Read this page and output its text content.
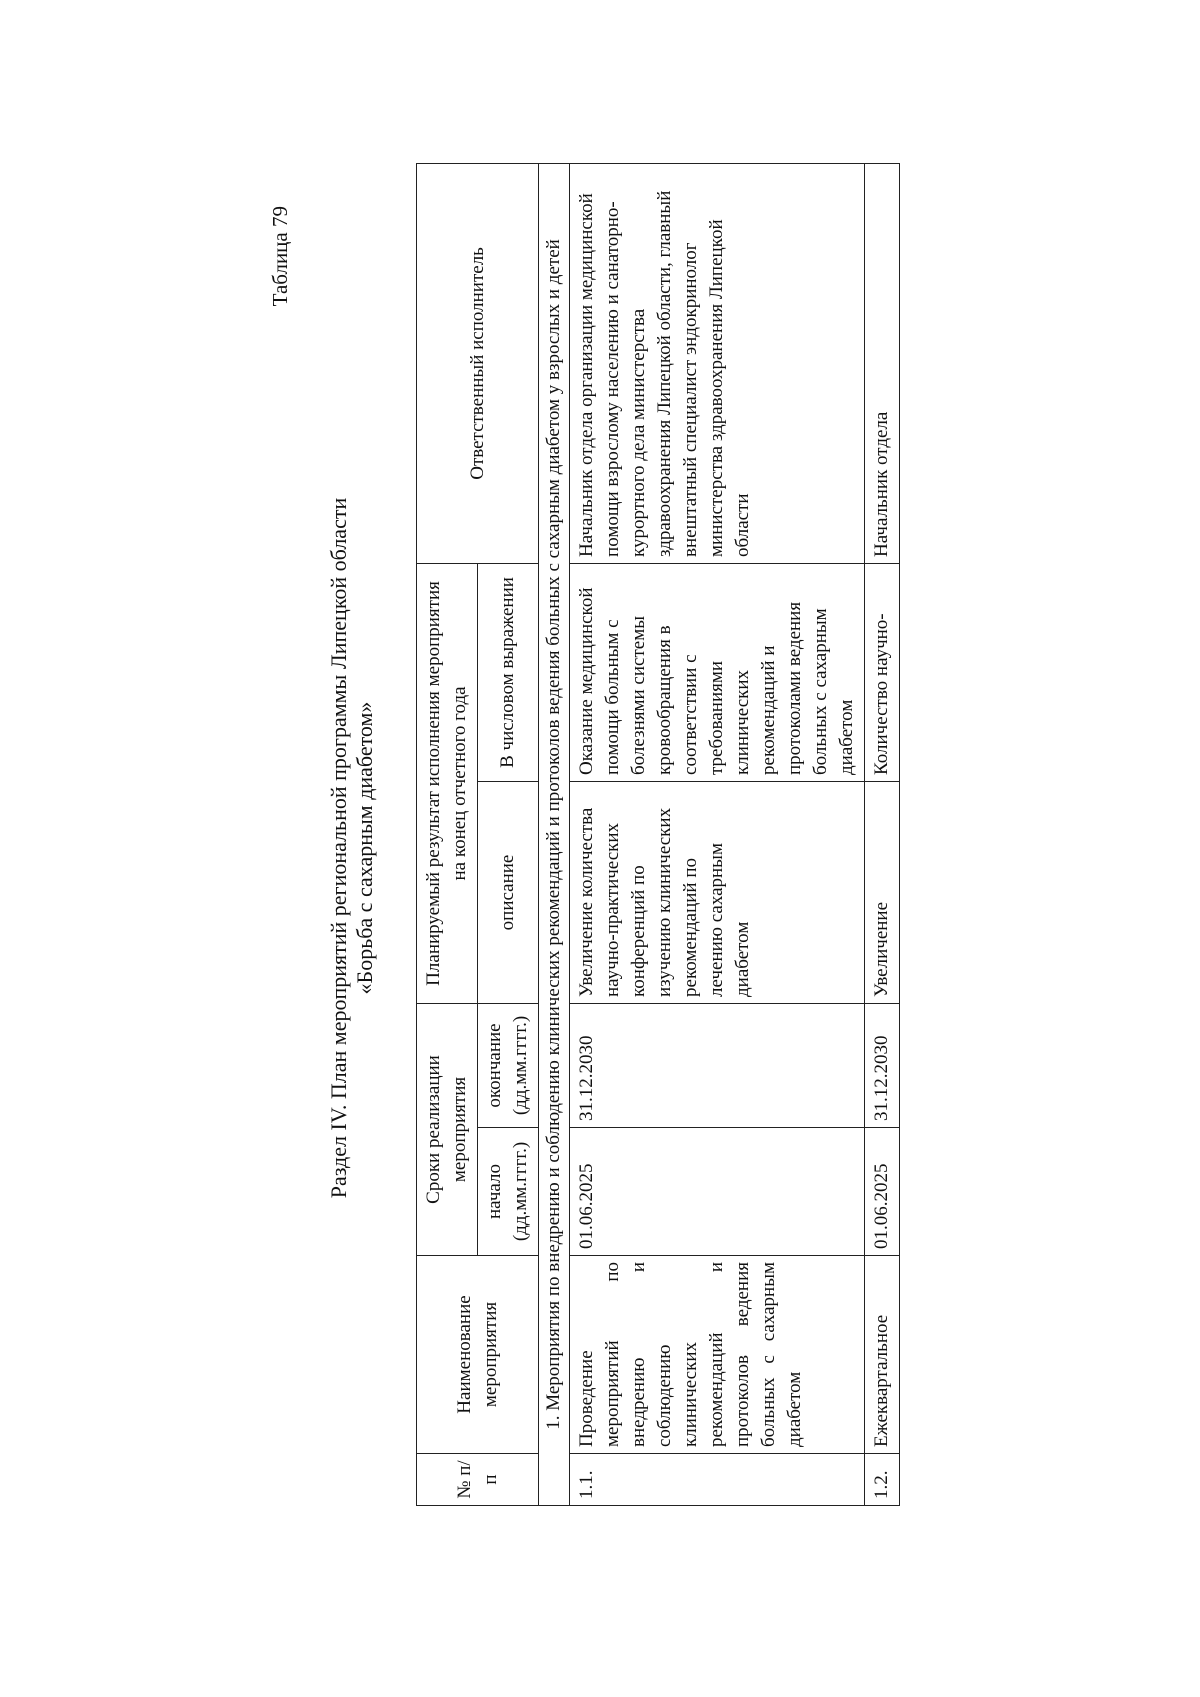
Таблица 79
Раздел IV. План мероприятий региональной программы Липецкой области «Борьба с сахарным диабетом»
№ п/п	Наименование мероприятия	Сроки реализации мероприятия		Планируемый результат исполнения мероприятия на конец отчетного года		Ответственный исполнитель
		начало (дд.мм.гггг.)	окончание (дд.мм.гггг.)	описание	В числовом выражении	
1. Мероприятия по внедрению и соблюдению клинических рекомендаций и протоколов ведения больных с сахарным диабетом у взрослых и детей						
1.1.	Проведение мероприятий по внедрению и соблюдению клинических рекомендаций и протоколов ведения больных с сахарным диабетом	01.06.2025	31.12.2030	Увеличение количества научно-практических конференций по изучению клинических рекомендаций по лечению сахарным диабетом	Оказание медицинской помощи больным с болезнями системы кровообращения в соответствии с требованиями клинических рекомендаций и протоколами ведения больных с сахарным диабетом	Начальник отдела организации медицинской помощи взрослому населению и санаторно-курортного дела министерства здравоохранения Липецкой области, главный внештатный специалист эндокринолог министерства здравоохранения Липецкой области
1.2.	Ежеквартальное	01.06.2025	31.12.2030	Увеличение	Количество научно-	Начальник отдела
